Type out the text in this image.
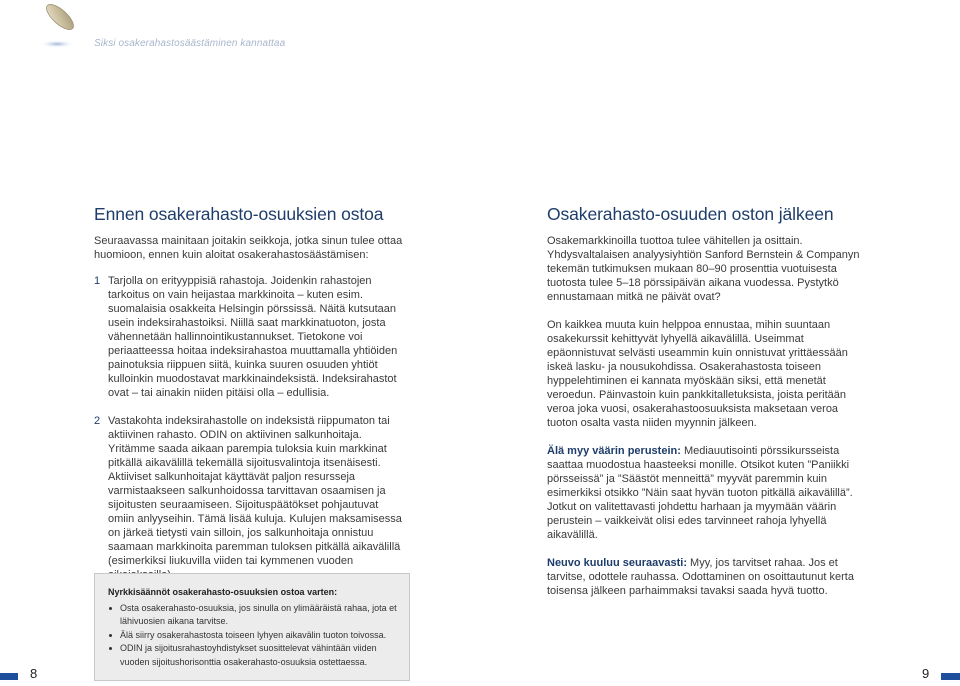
Siksi osakerahastosäästäminen kannattaa
Ennen osakerahasto-osuuksien ostoa

Seuraavassa mainitaan joitakin seikkoja, jotka sinun tulee ottaa huomioon, ennen kuin aloitat osakerahastosäästämisen:

1 Tarjolla on erityyppisiä rahastoja. Joidenkin rahastojen tarkoitus on vain heijastaa markkinoita – kuten esim. suomalaisia osakkeita Helsingin pörssissä. Näitä kutsutaan usein indeksirahastoiksi. Niillä saat markkinatuoton, josta vähennetään hallinnointikustannukset. Tietokone voi periaatteessa hoitaa indeksirahastoa muuttamalla yhtiöiden painotuksia riippuen siitä, kuinka suuren osuuden yhtiöt kulloinkin muodostavat markkinaindeksistä. Indeksirahastot ovat – tai ainakin niiden pitäisi olla – edullisia.
2 Vastakohta indeksirahastolle on indeksistä riippumaton tai aktiivinen rahasto. ODIN on aktiivinen salkunhoitaja. Yritämme saada aikaan parempia tuloksia kuin markkinat pitkällä aikavälillä tekemällä sijoitusvalintoja itsenäisesti. Aktiiviset salkunhoitajat käyttävät paljon resursseja varmistaakseen salkunhoidossa tarvittavan osaamisen ja sijoitusten seuraamiseen. Sijoituspäätökset pohjautuvat omiin anlyyseihin. Tämä lisää kuluja. Kulujen maksamisessa on järkeä tietysti vain silloin, jos salkunhoitaja onnistuu saamaan markkinoita paremman tuloksen pitkällä aikavälillä (esimerkiksi liukuvilla viiden tai kymmenen vuoden
Osakerahasto-osuuden oston jälkeen

Osakemarkkinoilla tuottoa tulee vähitellen ja osittain. Yhdysvaltalaisen analyysiyhtiön Sanford Bernstein & Companyn tekemän tutkimuksen mukaan 80–90 prosenttia vuotuisesta tuotosta tulee 5–18 pörssipäivän aikana vuodessa. Pystytkö ennustamaan mitkä ne päivät ovat?

On kaikkea muuta kuin helppoa ennustaa, mihin suuntaan osakekurssit kehittyvät lyhyellä aikavälillä. Useimmat epäonnistuvat selvästi useammin kuin onnistuvat yrittäessään iskeä lasku- ja nousukohdissa. Osakerahastosta toiseen hyppelehtiminen ei kannata myöskään siksi, että menetät veroedun. Päinvastoin kuin pankkitalletuksista, joista peritään veroa joka vuosi, osakerahastoosuuksista maksetaan veroa tuoton osalta vasta niiden myynnin jälkeen.

Älä myy väärin perustein: Mediauutisointi pörssikursseista saattaa muodostua haasteeksi monille. Otsikot kuten ”Paniikki pörsseissä” ja ”Säästöt menneittä” myyvät paremmin kuin esimerkiksi otsikko ”Näin saat hyvän tuoton pitkällä aikavälillä”. Jotkut on valitettavasti johdettu harhaan ja myymään väärin perustein – vaikkeivät olisi edes tarvinneet rahoja lyhyellä aikavälillä.

Neuvo kuuluu seuraavasti: Myy, jos tarvitset rahaa. Jos et tarvitse, odottele rauhassa. Odottaminen on osoittautunut kerta toisensa jälkeen parhaimmaksi tavaksi saada hyvä tuotto.

Nyrkkisäännöt osakerahasto-osuuksien ostoa varten:
Osta osakerahasto-osuuksia, jos sinulla on ylimääräistä rahaa, jota et lähivuosien aikana tarvitse.
Älä siirry osakerahastosta toiseen lyhyen aikavälin tuoton toivossa.
ODIN ja sijoitusrahastoyhdistykset suosittelevat vähintään viiden vuoden sijoitushorisonttia osakerahasto-osuuksia ostettaessa.
8	9
